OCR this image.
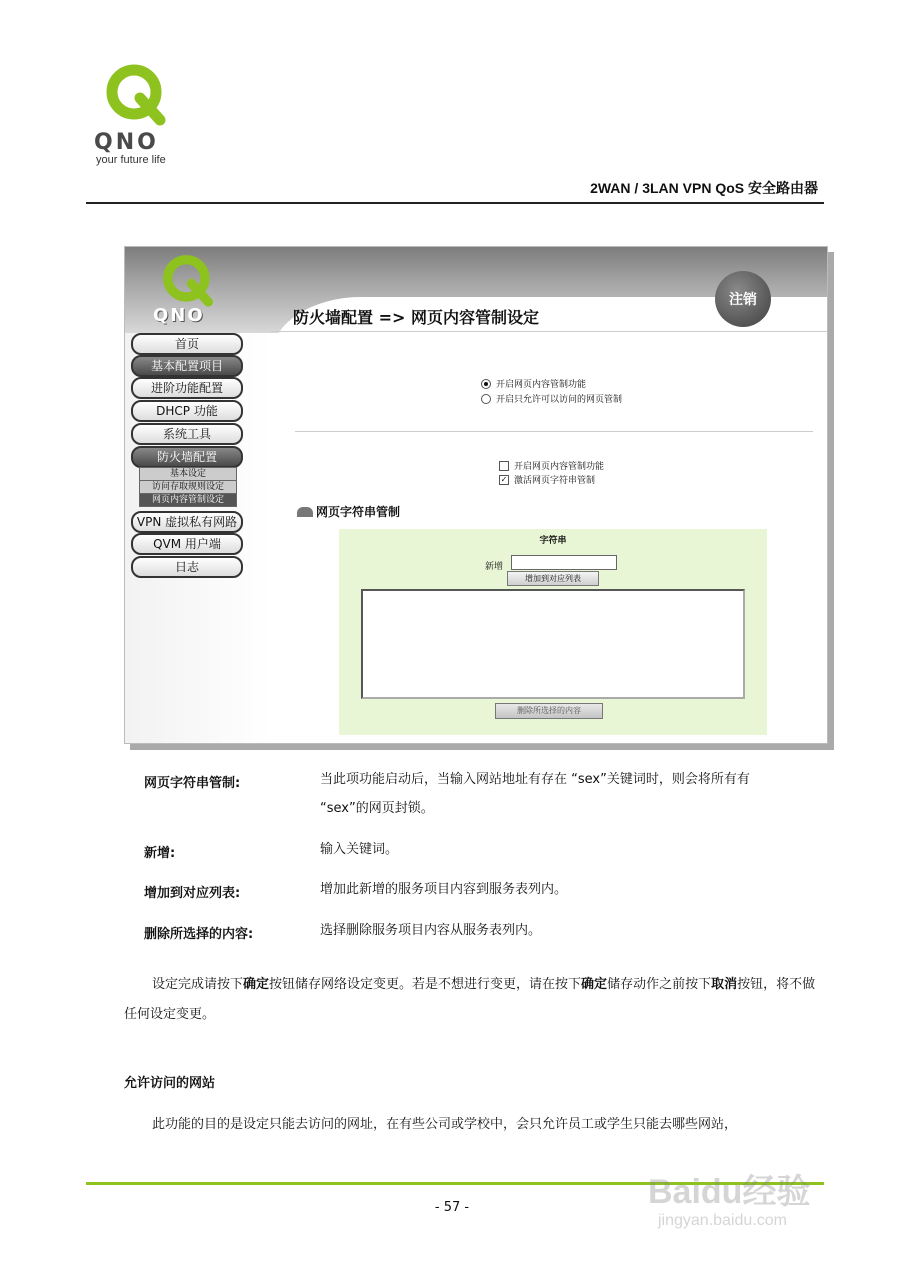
QNO
your future life
2WAN / 3LAN VPN QoS 安全路由器
QNO
注销
防火墙配置 => 网页内容管制设定
首页
基本配置项目
进阶功能配置
DHCP 功能
系统工具
防火墙配置
基本设定
访问存取规则设定
网页内容管制设定
VPN 虚拟私有网路
QVM 用户端
日志
开启网页内容管制功能
开启只允许可以访问的网页管制
开启网页内容管制功能
✓ 激活网页字符串管制
网页字符串管制
字符串
新增
增加到对应列表
删除所选择的内容
网页字符串管制:	当此项功能启动后，当输入网站地址有存在 “sex”关键词时，则会将所有有
“sex”的网页封锁。
新增:	输入关键词。
增加到对应列表:	增加此新增的服务项目内容到服务表列内。
删除所选择的内容:	选择删除服务项目内容从服务表列内。
设定完成请按下确定按钮储存网络设定变更。若是不想进行变更，请在按下确定储存动作之前按下取消按钮，将不做任何设定变更。
允许访问的网站
此功能的目的是设定只能去访问的网址，在有些公司或学校中，会只允许员工或学生只能去哪些网站，
- 57 -	Baidu经验
jingyan.baidu.com
